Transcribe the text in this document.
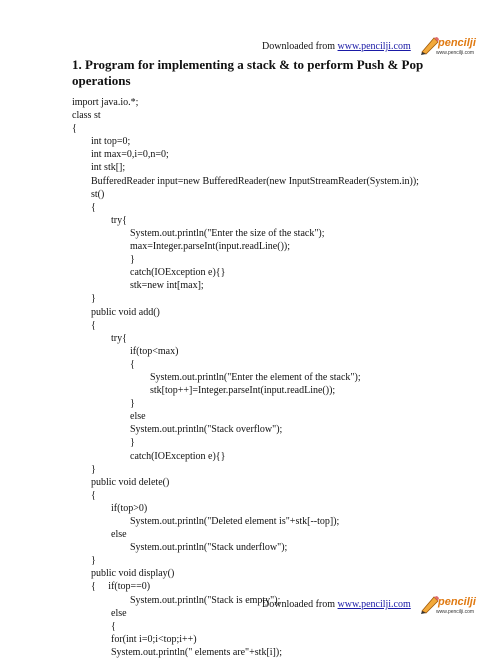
Downloaded from www.pencilji.com pencilji
www.pencilji.com
1. Program for implementing a stack & to perform Push & Pop operations
import java.io.*;
class st
{
int top=0;
int max=0,i=0,n=0;
int stk[];
BufferedReader input=new BufferedReader(new InputStreamReader(System.in));
st()
{
try{
System.out.println("Enter the size of the stack");
max=Integer.parseInt(input.readLine());
}
catch(IOException e){}
stk=new int[max];
}
public void add()
{
try{
if(top<max)
{
System.out.println("Enter the element of the stack");
stk[top++]=Integer.parseInt(input.readLine());
}
else
System.out.println("Stack overflow");
}
catch(IOException e){}
}
public void delete()
{
if(top>0)
System.out.println("Deleted element is"+stk[--top]);
else
System.out.println("Stack underflow");
}
public void display()
{     if(top==0)
System.out.println("Stack is empty");
else
{
for(int i=0;i<top;i++)
System.out.println(" elements are"+stk[i]);
Downloaded from www.pencilji.com pencilji
www.pencilji.com
